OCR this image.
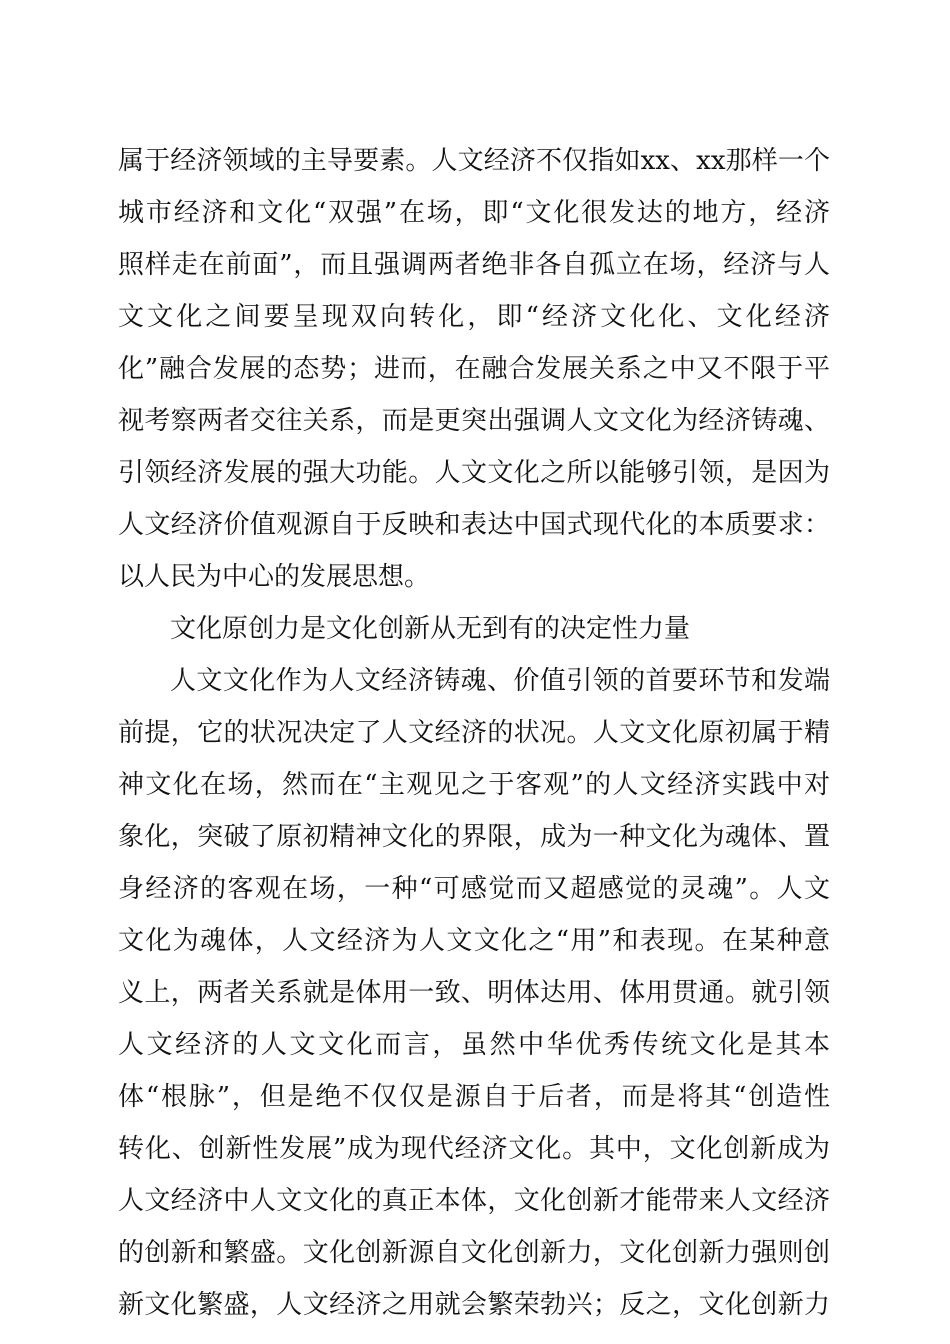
属于经济领域的主导要素。人文经济不仅指如xx、xx那样一个
城市经济和文化“双强”在场，即“文化很发达的地方，经济
照样走在前面”，而且强调两者绝非各自孤立在场，经济与人
文文化之间要呈现双向转化，即“经济文化化、文化经济
化”融合发展的态势；进而，在融合发展关系之中又不限于平
视考察两者交往关系，而是更突出强调人文文化为经济铸魂、
引领经济发展的强大功能。人文文化之所以能够引领，是因为
人文经济价值观源自于反映和表达中国式现代化的本质要求：
以人民为中心的发展思想。
文化原创力是文化创新从无到有的决定性力量
人文文化作为人文经济铸魂、价值引领的首要环节和发端
前提，它的状况决定了人文经济的状况。人文文化原初属于精
神文化在场，然而在“主观见之于客观”的人文经济实践中对
象化，突破了原初精神文化的界限，成为一种文化为魂体、置
身经济的客观在场，一种“可感觉而又超感觉的灵魂”。人文
文化为魂体，人文经济为人文文化之“用”和表现。在某种意
义上，两者关系就是体用一致、明体达用、体用贯通。就引领
人文经济的人文文化而言，虽然中华优秀传统文化是其本
体“根脉”，但是绝不仅仅是源自于后者，而是将其“创造性
转化、创新性发展”成为现代经济文化。其中，文化创新成为
人文经济中人文文化的真正本体，文化创新才能带来人文经济
的创新和繁盛。文化创新源自文化创新力，文化创新力强则创
新文化繁盛，人文经济之用就会繁荣勃兴；反之，文化创新力
